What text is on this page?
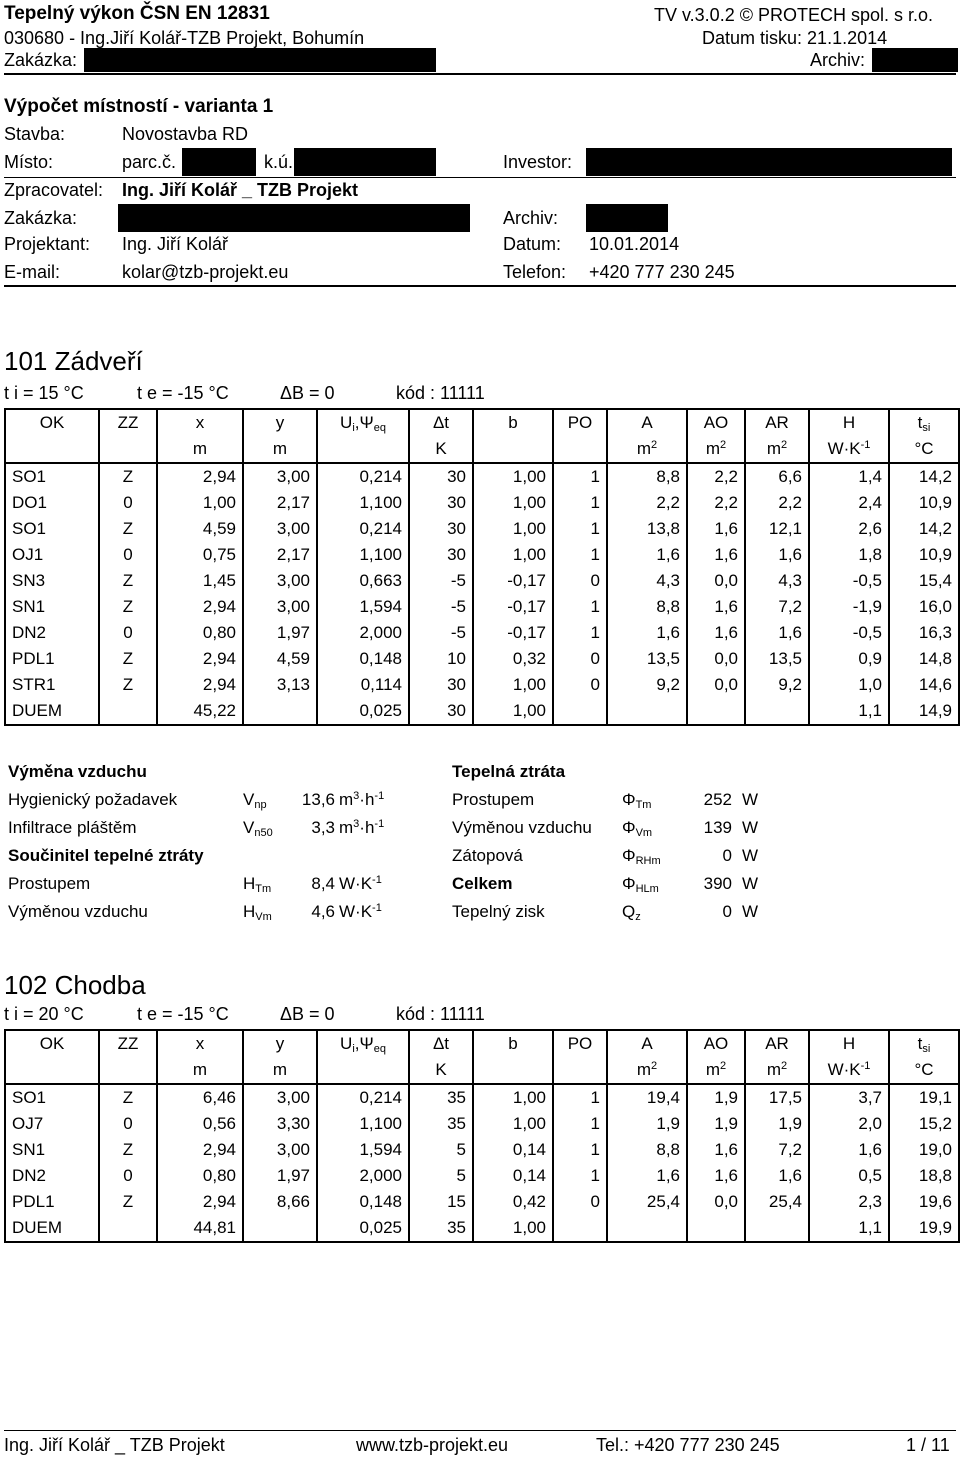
Tepelný výkon ČSN EN 12831	TV v.3.0.2 © PROTECH spol. s r.o.
030680 - Ing.Jiří Kolář-TZB Projekt, Bohumín	Datum tisku: 21.1.2014
Zakázka:	Archiv:
Výpočet místností - varianta 1
Stavba:	Novostavba RD
Místo:	parc.č.	k.ú.	Investor:
Zpracovatel: Ing. Jiří Kolář _ TZB Projekt
Zakázka:	Archiv:
Projektant: Ing. Jiří Kolář	Datum: 10.01.2014
E-mail:	kolar@tzb-projekt.eu	Telefon: +420 777 230 245
101 Zádveří
t i = 15 °C	t e = -15 °C	ΔB = 0	kód : 11111
OK	ZZ	x	y	$U_i,\Psi_{eq}$	Δt	b	PO	A	AO	AR	H	$t_{si}$
		m	m		K			$m^2$	$m^2$	$m^2$	$W\cdot K^{-1}$	°C
SO1	Z	2,94	3,00	0,214	30	1,00	1	8,8	2,2	6,6	1,4	14,2
DO1	0	1,00	2,17	1,100	30	1,00	1	2,2	2,2	2,2	2,4	10,9
SO1	Z	4,59	3,00	0,214	30	1,00	1	13,8	1,6	12,1	2,6	14,2
OJ1	0	0,75	2,17	1,100	30	1,00	1	1,6	1,6	1,6	1,8	10,9
SN3	Z	1,45	3,00	0,663	-5	-0,17	0	4,3	0,0	4,3	-0,5	15,4
SN1	Z	2,94	3,00	1,594	-5	-0,17	1	8,8	1,6	7,2	-1,9	16,0
DN2	0	0,80	1,97	2,000	-5	-0,17	1	1,6	1,6	1,6	-0,5	16,3
PDL1	Z	2,94	4,59	0,148	10	0,32	0	13,5	0,0	13,5	0,9	14,8
STR1	Z	2,94	3,13	0,114	30	1,00	0	9,2	0,0	9,2	1,0	14,6
DUEM		45,22		0,025	30	1,00					1,1	14,9
Výměna vzduchu			
Hygienický požadavek	$V_{np}$	13,6	$m^3\cdot h^{-1}$
Infiltrace pláštěm	$V_{n50}$	3,3	$m^3\cdot h^{-1}$
Součinitel tepelné ztráty			
Prostupem	$H_{Tm}$	8,4	$W\cdot K^{-1}$
Výměnou vzduchu	$H_{Vm}$	4,6	$W\cdot K^{-1}$
Tepelná ztráta			
Prostupem	$\Phi_{Tm}$	252	W
Výměnou vzduchu	$\Phi_{Vm}$	139	W
Zátopová	$\Phi_{RHm}$	0	W
Celkem	$\Phi_{HLm}$	390	W
Tepelný zisk	$Q_z$	0	W
102 Chodba
t i = 20 °C	t e = -15 °C	ΔB = 0	kód : 11111
OK	ZZ	x	y	$U_i,\Psi_{eq}$	Δt	b	PO	A	AO	AR	H	$t_{si}$
		m	m		K			$m^2$	$m^2$	$m^2$	$W\cdot K^{-1}$	°C
SO1	Z	6,46	3,00	0,214	35	1,00	1	19,4	1,9	17,5	3,7	19,1
OJ7	0	0,56	3,30	1,100	35	1,00	1	1,9	1,9	1,9	2,0	15,2
SN1	Z	2,94	3,00	1,594	5	0,14	1	8,8	1,6	7,2	1,6	19,0
DN2	0	0,80	1,97	2,000	5	0,14	1	1,6	1,6	1,6	0,5	18,8
PDL1	Z	2,94	8,66	0,148	15	0,42	0	25,4	0,0	25,4	2,3	19,6
DUEM		44,81		0,025	35	1,00					1,1	19,9
Ing. Jiří Kolář _ TZB Projekt	www.tzb-projekt.eu	Tel.: +420 777 230 245	1 / 11
